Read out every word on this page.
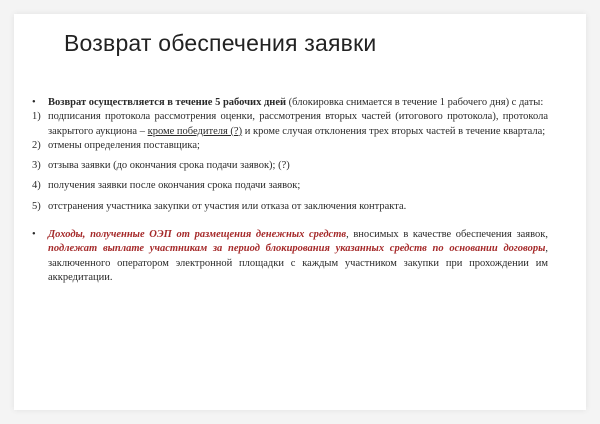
Возврат обеспечения заявки
•	Возврат осуществляется в течение 5 рабочих дней (блокировка снимается в течение 1 рабочего дня) с даты:
1) подписания протокола рассмотрения оценки, рассмотрения вторых частей (итогового протокола), протокола закрытого аукциона – кроме победителя (?) и кроме случая отклонения трех вторых частей в течение квартала;
2) отмены определения поставщика;
3) отзыва заявки (до окончания срока подачи заявок); (?)
4) получения заявки после окончания срока подачи заявок;
5) отстранения участника закупки от участия или отказа от заключения контракта.
•	Доходы, полученные ОЭП от размещения денежных средств, вносимых в качестве обеспечения заявок, подлежат выплате участникам за период блокирования указанных средств по основании договоры, заключенного оператором электронной площадки с каждым участником закупки при прохождении им аккредитации.
